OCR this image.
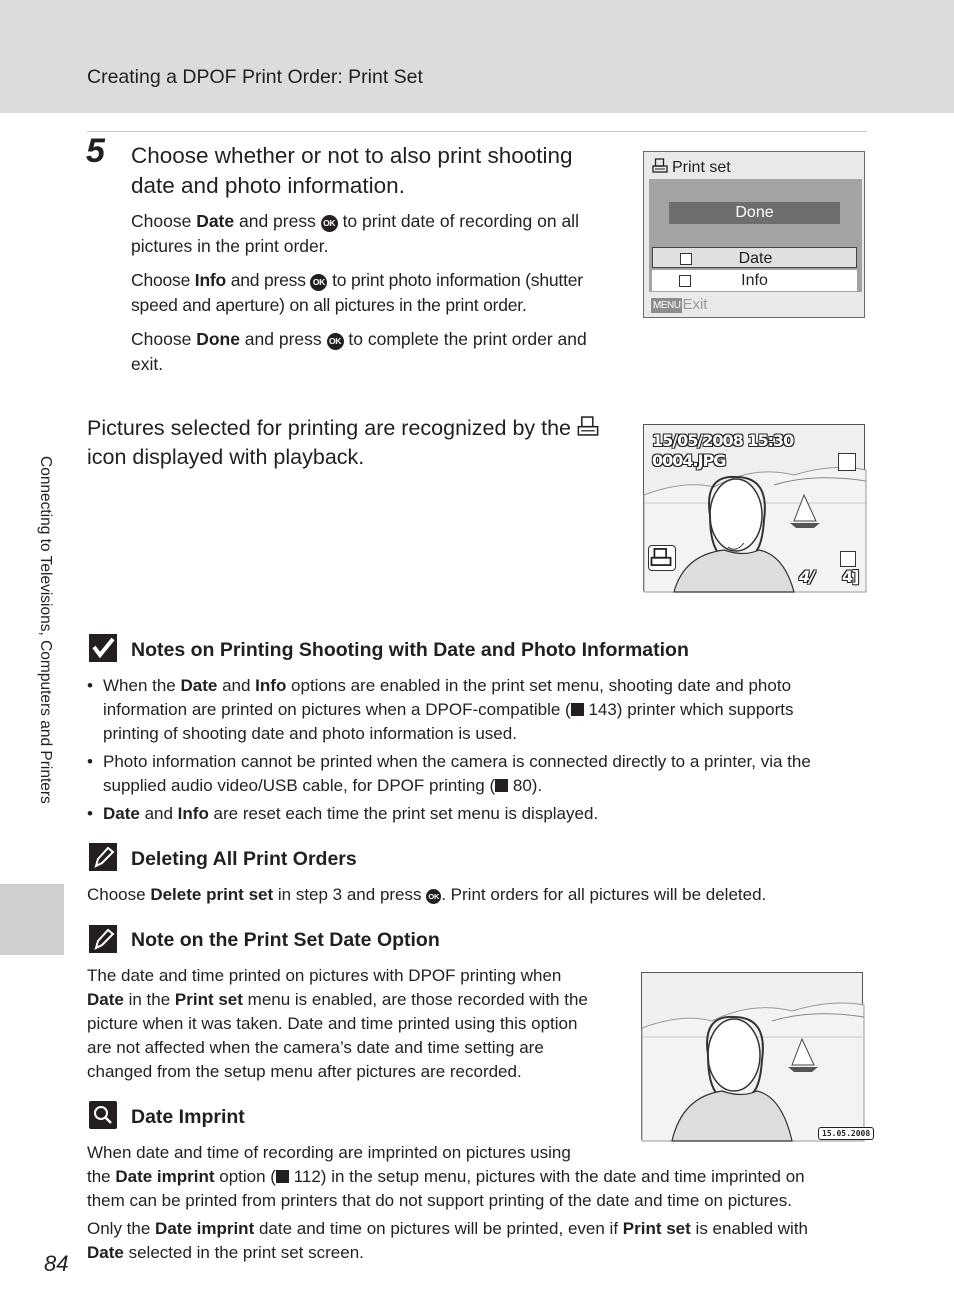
Creating a DPOF Print Order: Print Set
Connecting to Televisions, Computers and Printers
5 Choose whether or not to also print shooting date and photo information.
Choose Date and press OK to print date of recording on all pictures in the print order.
Choose Info and press OK to print photo information (shutter speed and aperture) on all pictures in the print order.
Choose Done and press OK to complete the print order and exit.
Print set
Done
Date
Info
MENU Exit
Pictures selected for printing are recognized by the  icon displayed with playback.
15/05/2008 15:30
0004.JPG
4/ 4]
Notes on Printing Shooting with Date and Photo Information
• When the Date and Info options are enabled in the print set menu, shooting date and photo information are printed on pictures when a DPOF-compatible ( 143) printer which supports printing of shooting date and photo information is used.
• Photo information cannot be printed when the camera is connected directly to a printer, via the supplied audio video/USB cable, for DPOF printing ( 80).
• Date and Info are reset each time the print set menu is displayed.
Deleting All Print Orders
Choose Delete print set in step 3 and press OK . Print orders for all pictures will be deleted.
Note on the Print Set Date Option
The date and time printed on pictures with DPOF printing when
Date in the Print set menu is enabled, are those recorded with the
picture when it was taken. Date and time printed using this option
are not affected when the camera’s date and time setting are
changed from the setup menu after pictures are recorded.
15.05.2008
Date Imprint
When date and time of recording are imprinted on pictures using
the Date imprint option ( 112) in the setup menu, pictures with the date and time imprinted on
them can be printed from printers that do not support printing of the date and time on pictures.
Only the Date imprint date and time on pictures will be printed, even if Print set is enabled with
Date selected in the print set screen.
84
